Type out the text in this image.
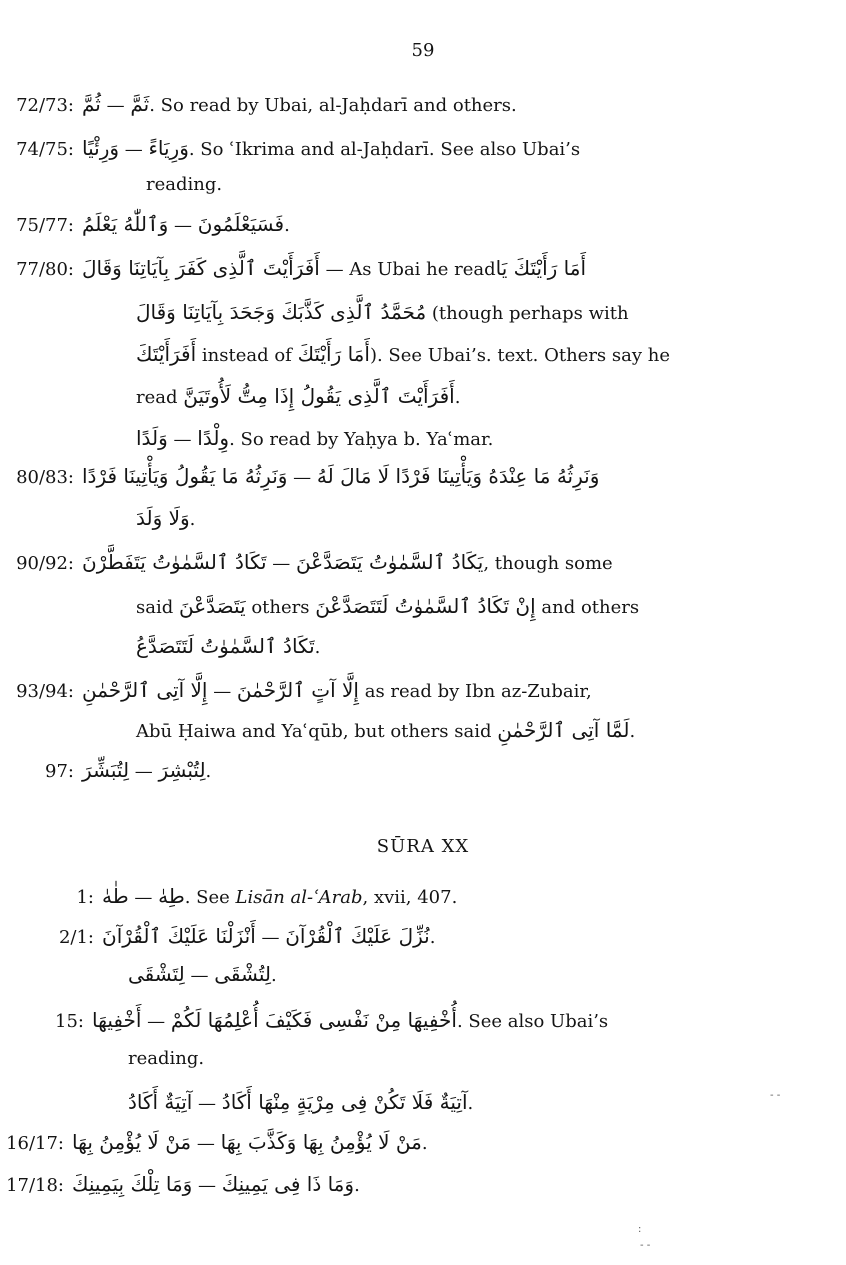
59
72/73: ثُمَّ — ثَمَّ. So read by Ubai, al-Jaḥdarī and others.
74/75: وَرِئْيًا — وَرِيَاءً. So ʿIkrima and al-Jaḥdarī. See also Ubai’s
reading.
75/77: وَٱللّٰهُ يَعْلَمُ — فَسَيَعْلَمُونَ.
77/80: أَفَرَأَيْتَ ٱلَّذِى كَفَرَ بِآيَاتِنَا وَقَالَ — As Ubai he readأَمَا رَأَيْتَكَ يَا
مُحَمَّدُ ٱلَّذِى كَذَّبَكَ وَجَحَدَ بِآيَاتِنَا وَقَالَ (though perhaps with
أَفَرَأَيْتَكَ instead of أَمَا رَأَيْتَكَ). See Ubai’s. text. Others say he
read أَفَرَأَيْتَ ٱلَّذِى يَقُولُ إِذَا مِتُّ لَأُوتَيَنَّ.
وَلَدًا — وِلْدًا. So read by Yaḥya b. Yaʿmar.
80/83: وَنَرِثُهُ مَا يَقُولُ وَيَأْتِينَا فَرْدًا — وَنَرِثُهُ مَا عِنْدَهُ وَيَأْتِينَا فَرْدًا لَا مَالَ لَهُ
وَلَا وَلَدَ.
90/92: تَكَادُ ٱلسَّمٰوٰتُ يَتَفَطَّرْنَ — يَكَادُ ٱلسَّمٰوٰتُ يَتَصَدَّعْنَ, though some
said يَتَصَدَّعْنَ others إِنْ تَكَادُ ٱلسَّمٰوٰتُ لَتَتَصَدَّعْنَ and others
تَكَادُ ٱلسَّمٰوٰتُ لَتَتَصَدَّعُ.
93/94: إِلَّا آتِى ٱلرَّحْمٰنِ — إِلَّا آتٍ ٱلرَّحْمٰنَ as read by Ibn az-Zubair,
Abū Ḥaiwa and Yaʿqūb, but others said لَمَّا آتِى ٱلرَّحْمٰنِ.
97: لِتُبَشِّرَ — لِتُبْشِرَ.
1: طٰهٰ — طِهٰ. See Lisān al-ʿArab, xvii, 407.
2/1: أَنْزَلْنَا عَلَيْكَ ٱلْقُرْآنَ — نُزِّلَ عَلَيْكَ ٱلْقُرْآنَ.
لِتَشْقَى — لِتُشْقَى.
15: أَخْفِيهَا — أُخْفِيهَا مِنْ نَفْسِى فَكَيْفَ أُعْلِمُهَا لَكُمْ. See also Ubai’s
reading.
آتِيَةٌ أَكَادُ — آتِيَةٌ فَلَا تَكُنْ فِى مِرْيَةٍ مِنْهَا أَكَادُ.
16/17: مَنْ لَا يُؤْمِنُ بِهَا — مَنْ لَا يُؤْمِنُ بِهَا وَكَذَّبَ بِهَا.
17/18: وَمَا تِلْكَ بِيَمِينِكَ — وَمَا ذَا فِى يَمِينِكَ.
SŪRA XX
- -
:
- -
